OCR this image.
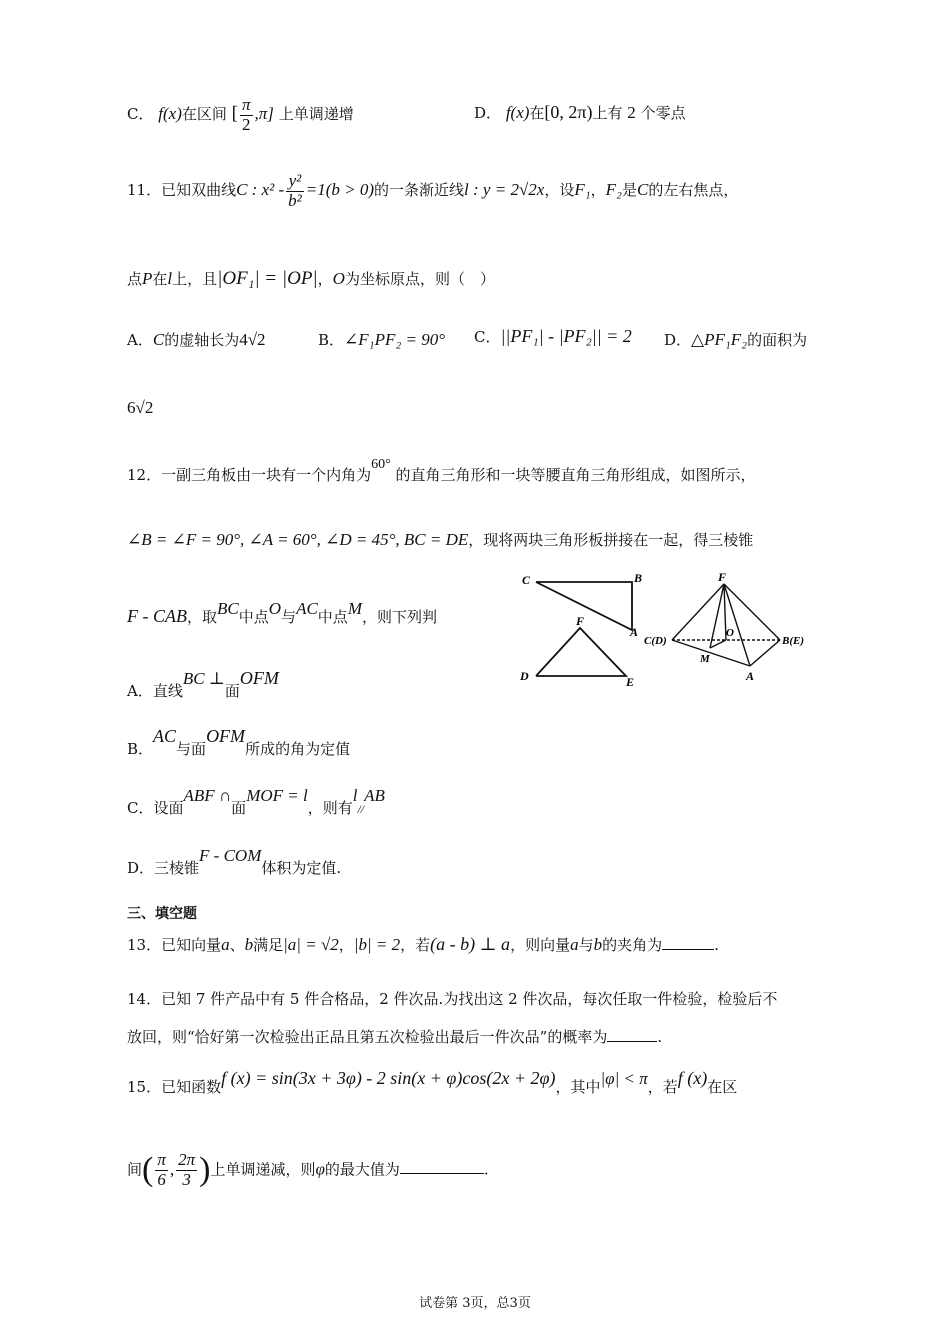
C． f(x)在区间 [ $\frac{\pi}{2} ,\pi$] 上单调递增	D． f(x)在[0, 2π)上有 2 个零点
11．已知双曲线C : $x^2 - \frac{\text{y²}}{\text{b²}} =1(b > 0)$的一条渐近线l : y = 2√2x，设F₁，F₂是C的左右焦点，
点P在l上，且|OF₁| = |OP|，O为坐标原点，则（　）
A．C的虚轴长为4√2	B．∠F₁PF₂ = 90° C．||PF₁| - |PF₂|| = 2 D．△PF₁F₂的面积为
6√2
12．一副三角板由一块有一个内角为60° 的直角三角形和一块等腰直角三角形组成，如图所示，
∠B = ∠F = 90°, ∠A = 60°, ∠D = 45°, BC = DE，现将两块三角形板拼接在一起，得三棱锥
F - CAB，取BC中点O与AC中点M，则下列判
C	B
A
F
D	E
F
C(D)
O
B(E)
M
A
A．直线BC ⊥面OFM
B．AC与面OFM所成的角为定值
C．设面ABF ∩面MOF = l，则有$l_{//}AB$
D．三棱锥F - COM体积为定值.
三、填空题
13．已知向量a、b满足|a| = √2，|b| = 2，若(a - b) ⊥ a，则向量a与b的夹角为	.
14．已知 7 件产品中有 5 件合格品，2 件次品.为找出这 2 件次品，每次任取一件检验，检验后不
放回，则“恰好第一次检验出正品且第五次检验出最后一件次品”的概率为	.
15．已知函数f (x) = sin(3x + 3φ) - 2 sin(x + φ)cos(2x + 2φ)，其中|φ| < π，若f (x)在区
间( $\frac{\pi}{6}$ , $\frac{2\pi}{3}$ )上单调递减，则φ的最大值为	.
试卷第 3页，总3页
